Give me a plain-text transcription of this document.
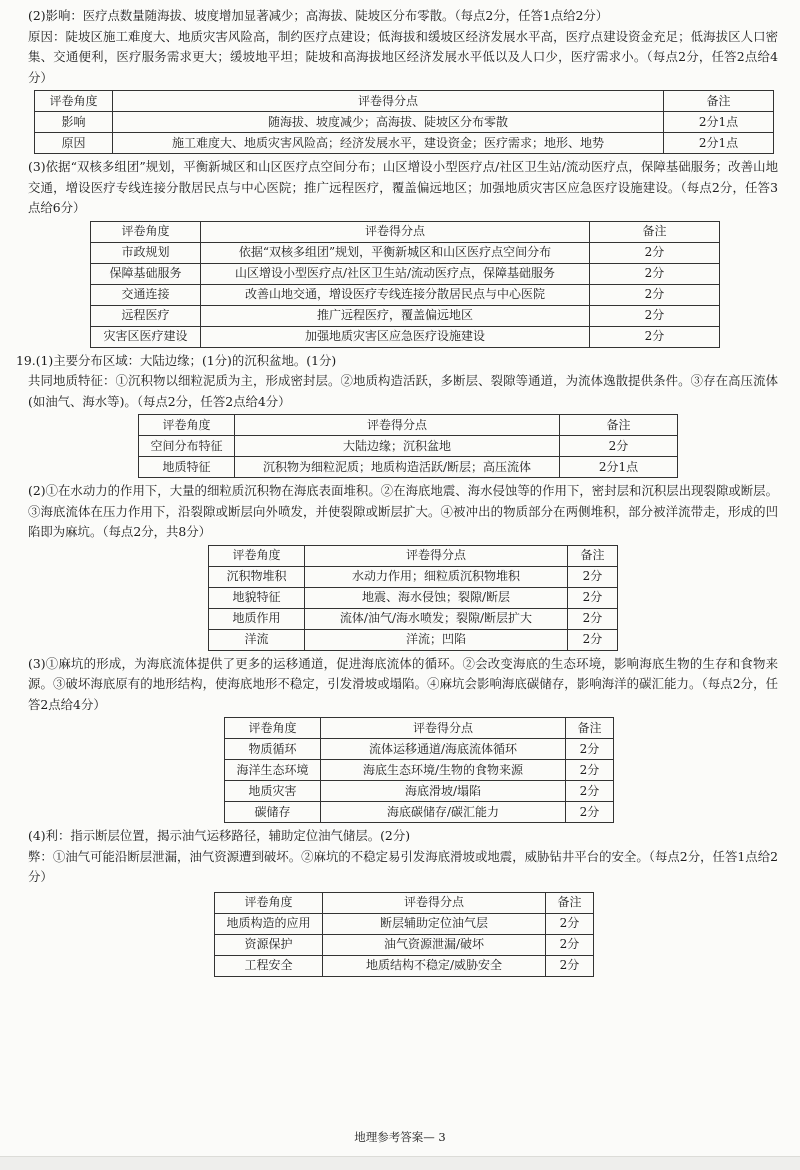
(2)影响：医疗点数量随海拔、坡度增加显著减少；高海拔、陡坡区分布零散。（每点2分，任答1点给2分）

原因：陡坡区施工难度大、地质灾害风险高，制约医疗点建设；低海拔和缓坡区经济发展水平高，医疗点建设资金充足；低海拔区人口密集、交通便利，医疗服务需求更大；缓坡地平坦；陡坡和高海拔地区经济发展水平低以及人口少，医疗需求小。（每点2分，任答2点给4分）

评卷角度	评卷得分点	备注
影响	随海拔、坡度减少；高海拔、陡坡区分布零散	2分1点
原因	施工难度大、地质灾害风险高；经济发展水平，建设资金；医疗需求；地形、地势	2分1点

(3)依据“双核多组团”规划，平衡新城区和山区医疗点空间分布；山区增设小型医疗点/社区卫生站/流动医疗点，保障基础服务；改善山地交通，增设医疗专线连接分散居民点与中心医院；推广远程医疗，覆盖偏远地区；加强地质灾害区应急医疗设施建设。（每点2分，任答3点给6分）

评卷角度	评卷得分点	备注
市政规划	依据“双核多组团”规划，平衡新城区和山区医疗点空间分布	2分
保障基础服务	山区增设小型医疗点/社区卫生站/流动医疗点，保障基础服务	2分
交通连接	改善山地交通，增设医疗专线连接分散居民点与中心医院	2分
远程医疗	推广远程医疗，覆盖偏远地区	2分
灾害区医疗建设	加强地质灾害区应急医疗设施建设	2分

19.(1)主要分布区域：大陆边缘；(1分)的沉积盆地。(1分)

共同地质特征：①沉积物以细粒泥质为主，形成密封层。②地质构造活跃，多断层、裂隙等通道，为流体逸散提供条件。③存在高压流体(如油气、海水等)。（每点2分，任答2点给4分）

评卷角度	评卷得分点	备注
空间分布特征	大陆边缘；沉积盆地	2分
地质特征	沉积物为细粒泥质；地质构造活跃/断层；高压流体	2分1点

(2)①在水动力的作用下，大量的细粒质沉积物在海底表面堆积。②在海底地震、海水侵蚀等的作用下，密封层和沉积层出现裂隙或断层。③海底流体在压力作用下，沿裂隙或断层向外喷发，并使裂隙或断层扩大。④被冲出的物质部分在两侧堆积，部分被洋流带走，形成的凹陷即为麻坑。（每点2分，共8分）

评卷角度	评卷得分点	备注
沉积物堆积	水动力作用；细粒质沉积物堆积	2分
地貌特征	地震、海水侵蚀；裂隙/断层	2分
地质作用	流体/油气/海水喷发；裂隙/断层扩大	2分
洋流	洋流；凹陷	2分

(3)①麻坑的形成，为海底流体提供了更多的运移通道，促进海底流体的循环。②会改变海底的生态环境，影响海底生物的生存和食物来源。③破坏海底原有的地形结构，使海底地形不稳定，引发滑坡或塌陷。④麻坑会影响海底碳储存，影响海洋的碳汇能力。（每点2分，任答2点给4分）

评卷角度	评卷得分点	备注
物质循环	流体运移通道/海底流体循环	2分
海洋生态环境	海底生态环境/生物的食物来源	2分
地质灾害	海底滑坡/塌陷	2分
碳储存	海底碳储存/碳汇能力	2分

(4)利：指示断层位置，揭示油气运移路径，辅助定位油气储层。(2分)

弊：①油气可能沿断层泄漏，油气资源遭到破坏。②麻坑的不稳定易引发海底滑坡或地震，威胁钻井平台的安全。（每点2分，任答1点给2分）

评卷角度	评卷得分点	备注
地质构造的应用	断层辅助定位油气层	2分
资源保护	油气资源泄漏/破坏	2分
工程安全	地质结构不稳定/威胁安全	2分
地理参考答案— 3
